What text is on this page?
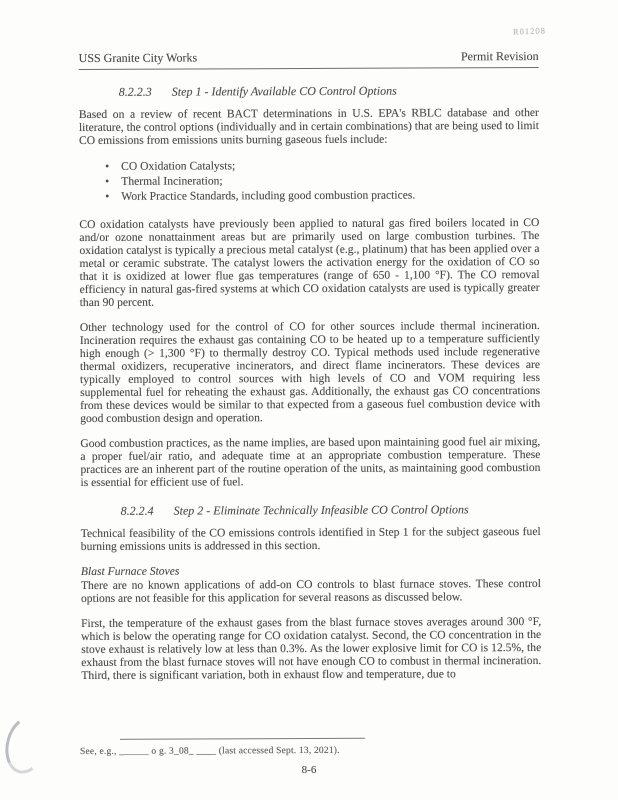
R01208
USS Granite City Works	Permit Revision
8.2.2.3 Step 1 - Identify Available CO Control Options

Based on a review of recent BACT determinations in U.S. EPA's RBLC database and other literature, the control options (individually and in certain combinations) that are being used to limit CO emissions from emissions units burning gaseous fuels include:

• CO Oxidation Catalysts;
• Thermal Incineration;
• Work Practice Standards, including good combustion practices.

CO oxidation catalysts have previously been applied to natural gas fired boilers located in CO and/or ozone nonattainment areas but are primarily used on large combustion turbines. The oxidation catalyst is typically a precious metal catalyst (e.g., platinum) that has been applied over a metal or ceramic substrate. The catalyst lowers the activation energy for the oxidation of CO so that it is oxidized at lower flue gas temperatures (range of 650 - 1,100 °F). The CO removal efficiency in natural gas-fired systems at which CO oxidation catalysts are used is typically greater than 90 percent.

Other technology used for the control of CO for other sources include thermal incineration. Incineration requires the exhaust gas containing CO to be heated up to a temperature sufficiently high enough (> 1,300 °F) to thermally destroy CO. Typical methods used include regenerative thermal oxidizers, recuperative incinerators, and direct flame incinerators. These devices are typically employed to control sources with high levels of CO and VOM requiring less supplemental fuel for reheating the exhaust gas. Additionally, the exhaust gas CO concentrations from these devices would be similar to that expected from a gaseous fuel combustion device with good combustion design and operation.

Good combustion practices, as the name implies, are based upon maintaining good fuel air mixing, a proper fuel/air ratio, and adequate time at an appropriate combustion temperature. These practices are an inherent part of the routine operation of the units, as maintaining good combustion is essential for efficient use of fuel.

8.2.2.4 Step 2 - Eliminate Technically Infeasible CO Control Options

Technical feasibility of the CO emissions controls identified in Step 1 for the subject gaseous fuel burning emissions units is addressed in this section.

Blast Furnace Stoves

There are no known applications of add-on CO controls to blast furnace stoves. These control options are not feasible for this application for several reasons as discussed below.

First, the temperature of the exhaust gases from the blast furnace stoves averages around 300 °F, which is below the operating range for CO oxidation catalyst. Second, the CO concentration in the stove exhaust is relatively low at less than 0.3%. As the lower explosive limit for CO is 12.5%, the exhaust from the blast furnace stoves will not have enough CO to combust in thermal incineration. Third, there is significant variation, both in exhaust flow and temperature, due to

See, e.g., ______ o g. 3_08_ ____ (last accessed Sept. 13, 2021).
8-6
